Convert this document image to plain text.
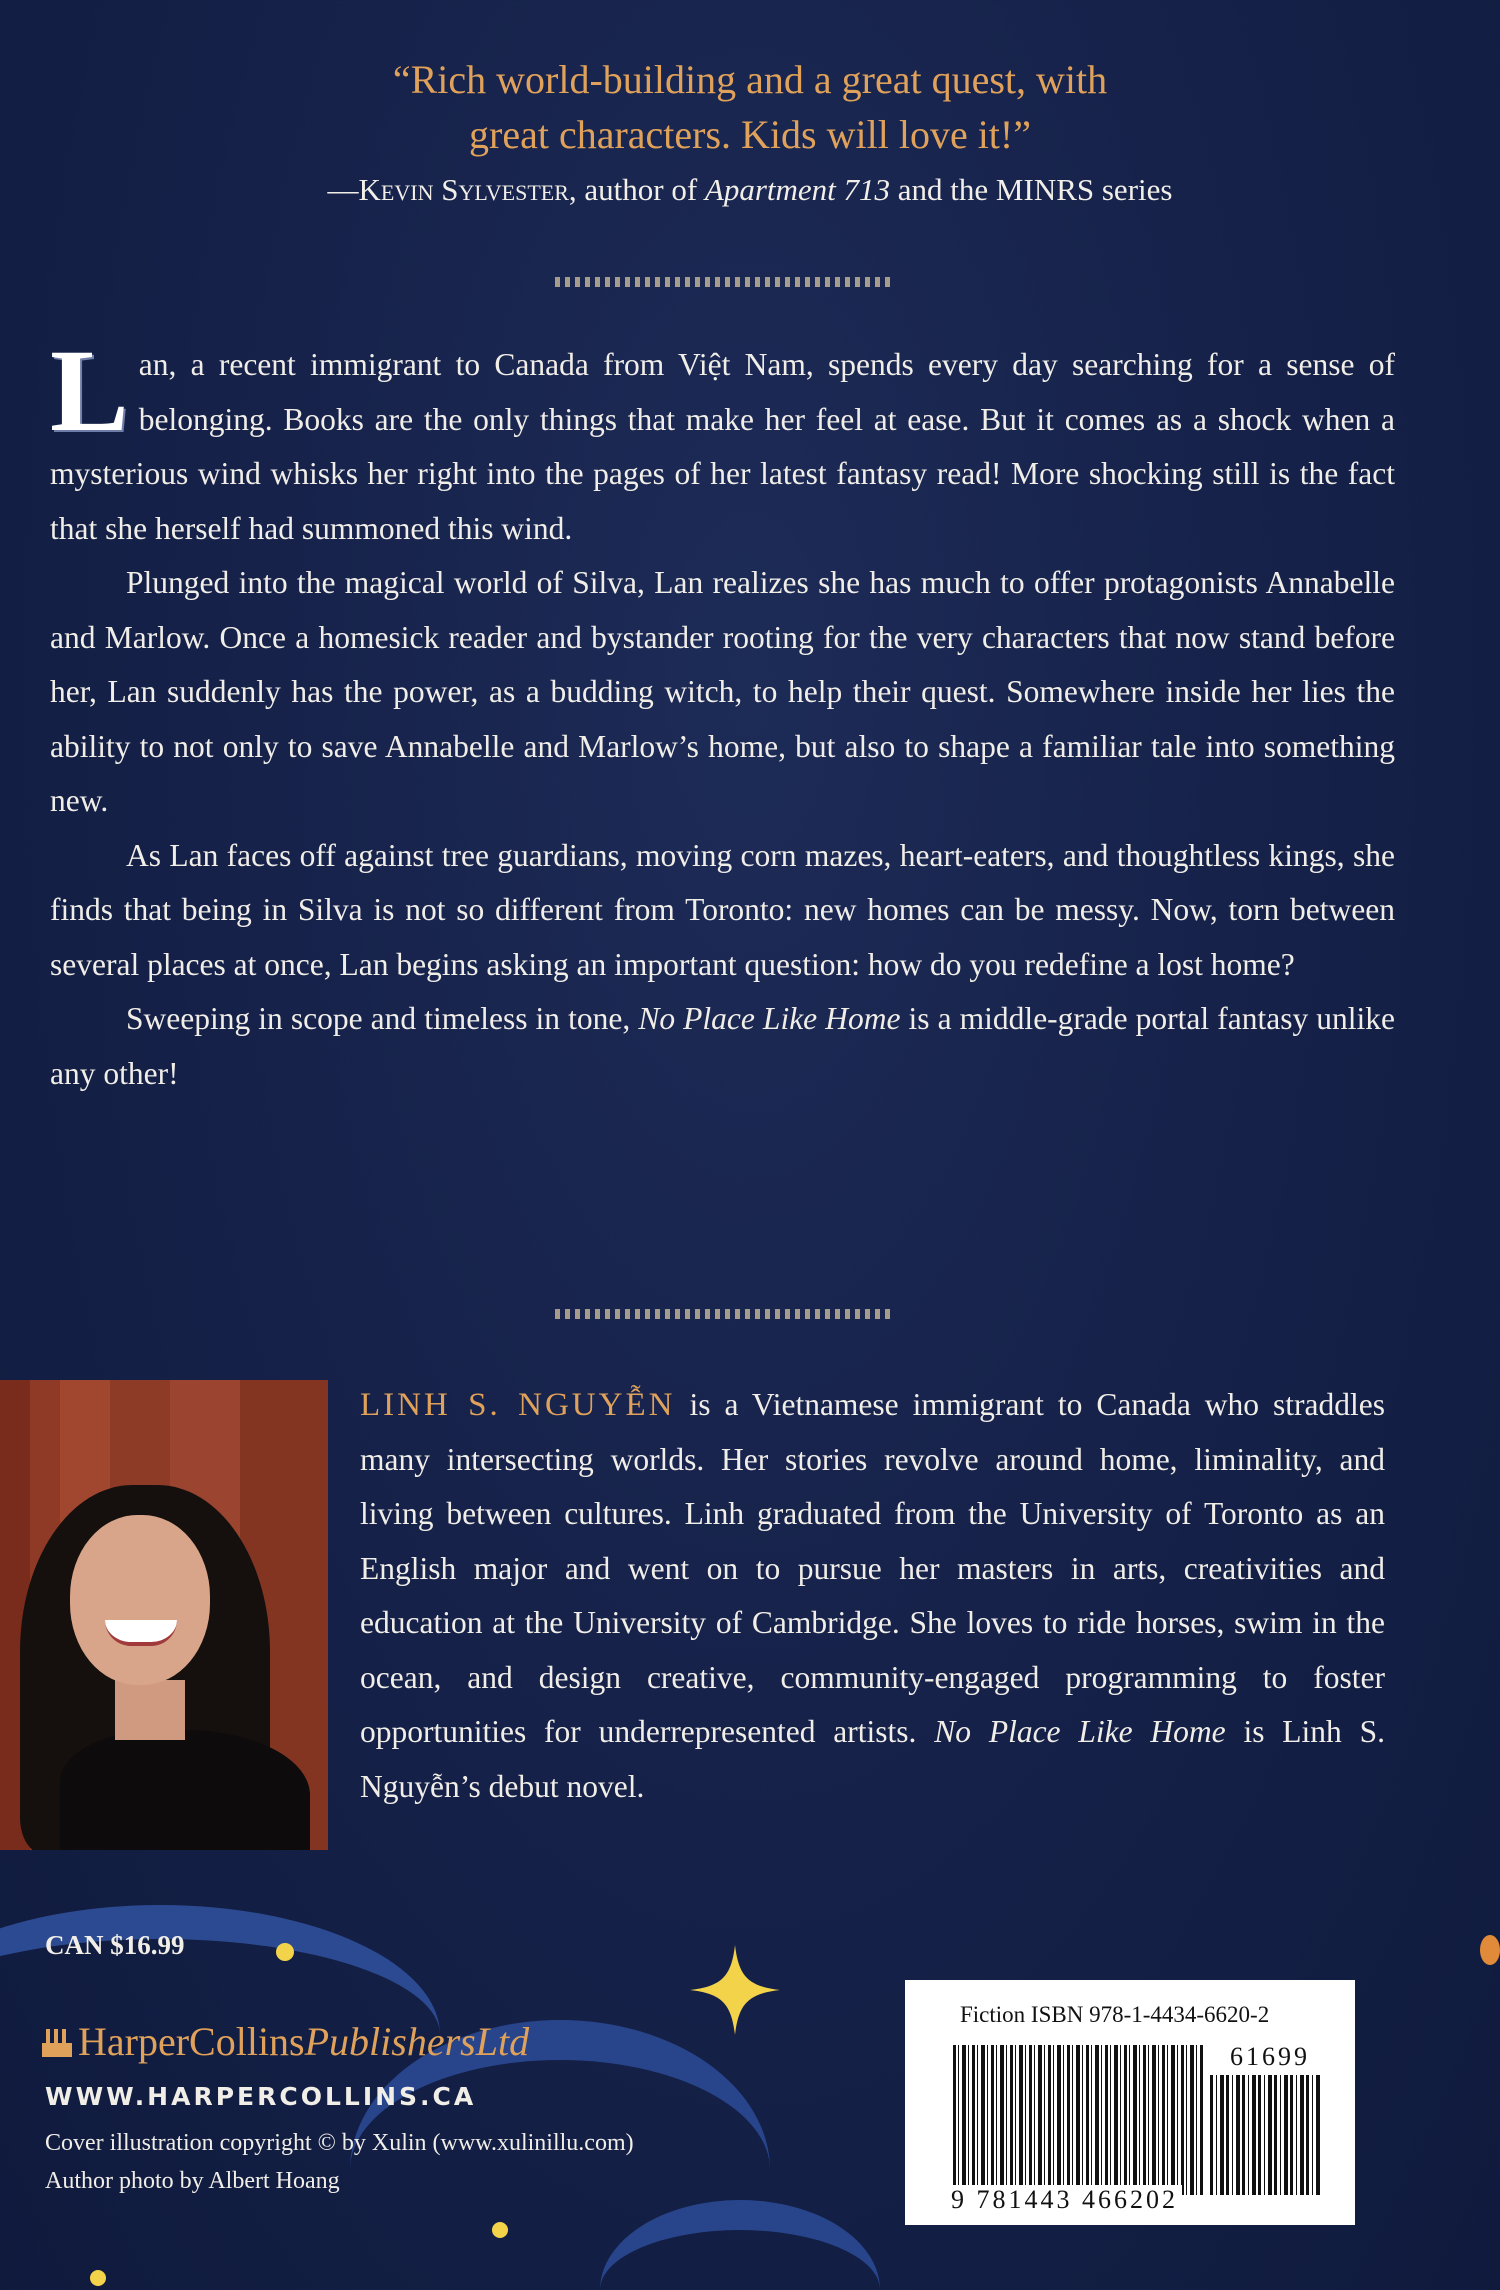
“Rich world-building and a great quest, with
great characters. Kids will love it!”
—Kevin Sylvester, author of Apartment 713 and the MINRS series

Lan, a recent immigrant to Canada from Việt Nam, spends every day searching for a sense of belonging. Books are the only things that make her feel at ease. But it comes as a shock when a mysterious wind whisks her right into the pages of her latest fantasy read! More shocking still is the fact that she herself had summoned this wind.

Plunged into the magical world of Silva, Lan realizes she has much to offer protagonists Annabelle and Marlow. Once a homesick reader and bystander rooting for the very characters that now stand before her, Lan suddenly has the power, as a budding witch, to help their quest. Somewhere inside her lies the ability to not only to save Annabelle and Marlow’s home, but also to shape a familiar tale into something new.

As Lan faces off against tree guardians, moving corn mazes, heart-eaters, and thoughtless kings, she finds that being in Silva is not so different from Toronto: new homes can be messy. Now, torn between several places at once, Lan begins asking an important question: how do you redefine a lost home?

Sweeping in scope and timeless in tone, No Place Like Home is a middle-grade portal fantasy unlike any other!

LINH S. NGUYỄN is a Vietnamese immigrant to Canada who straddles many intersecting worlds. Her stories revolve around home, liminality, and living between cultures. Linh graduated from the University of Toronto as an English major and went on to pursue her masters in arts, creativities and education at the University of Cambridge. She loves to ride horses, swim in the ocean, and design creative, community-engaged programming to foster opportunities for underrepresented artists. No Place Like Home is Linh S. Nguyễn’s debut novel.
CAN $16.99
HarperCollins PublishersLtd
WWW.HARPERCOLLINS.CA
Cover illustration copyright © by Xulin (www.xulinillu.com)
Author photo by Albert Hoang
Fiction ISBN 978-1-4434-6620-2
61699
9 781443 466202
